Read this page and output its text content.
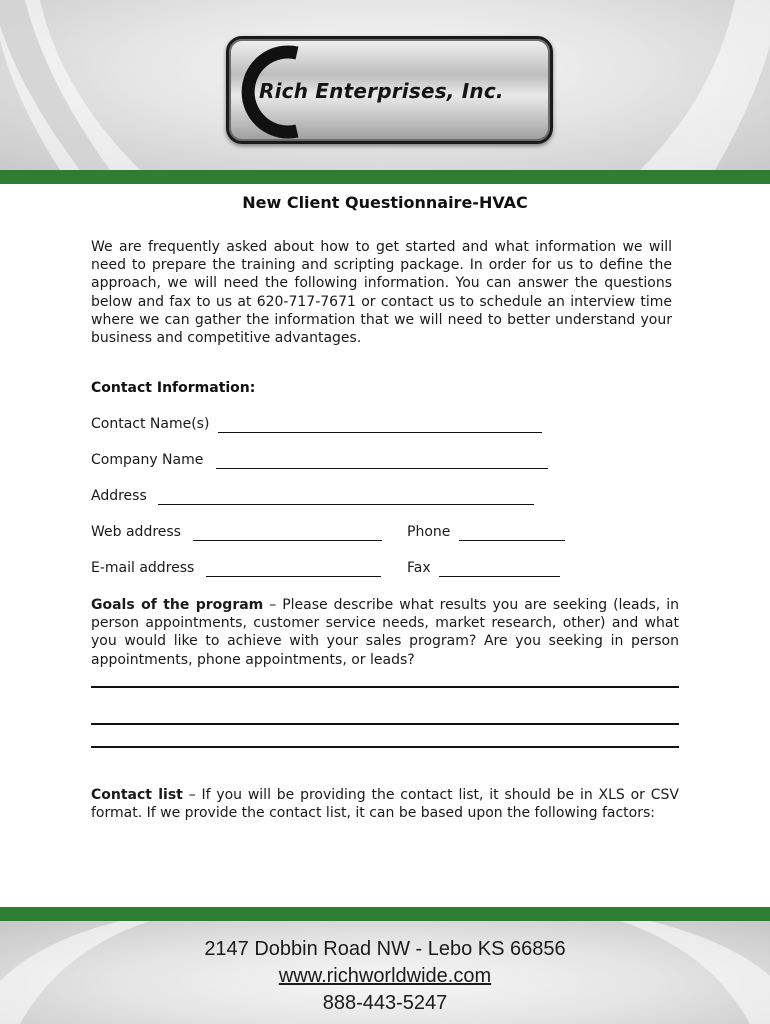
Rich Enterprises, Inc.
New Client Questionnaire-HVAC
We are frequently asked about how to get started and what information we will need to prepare the training and scripting package. In order for us to define the approach, we will need the following information. You can answer the questions below and fax to us at 620-717-7671 or contact us to schedule an interview time where we can gather the information that we will need to better understand your business and competitive advantages.
Contact Information:
Contact Name(s)
Company Name
Address
Web address	Phone
E-mail address	Fax
Goals of the program – Please describe what results you are seeking (leads, in person appointments, customer service needs, market research, other) and what you would like to achieve with your sales program? Are you seeking in person appointments, phone appointments, or leads?
Contact list – If you will be providing the contact list, it should be in XLS or CSV format. If we provide the contact list, it can be based upon the following factors:
2147 Dobbin Road NW - Lebo KS 66856
www.richworldwide.com
888-443-5247
